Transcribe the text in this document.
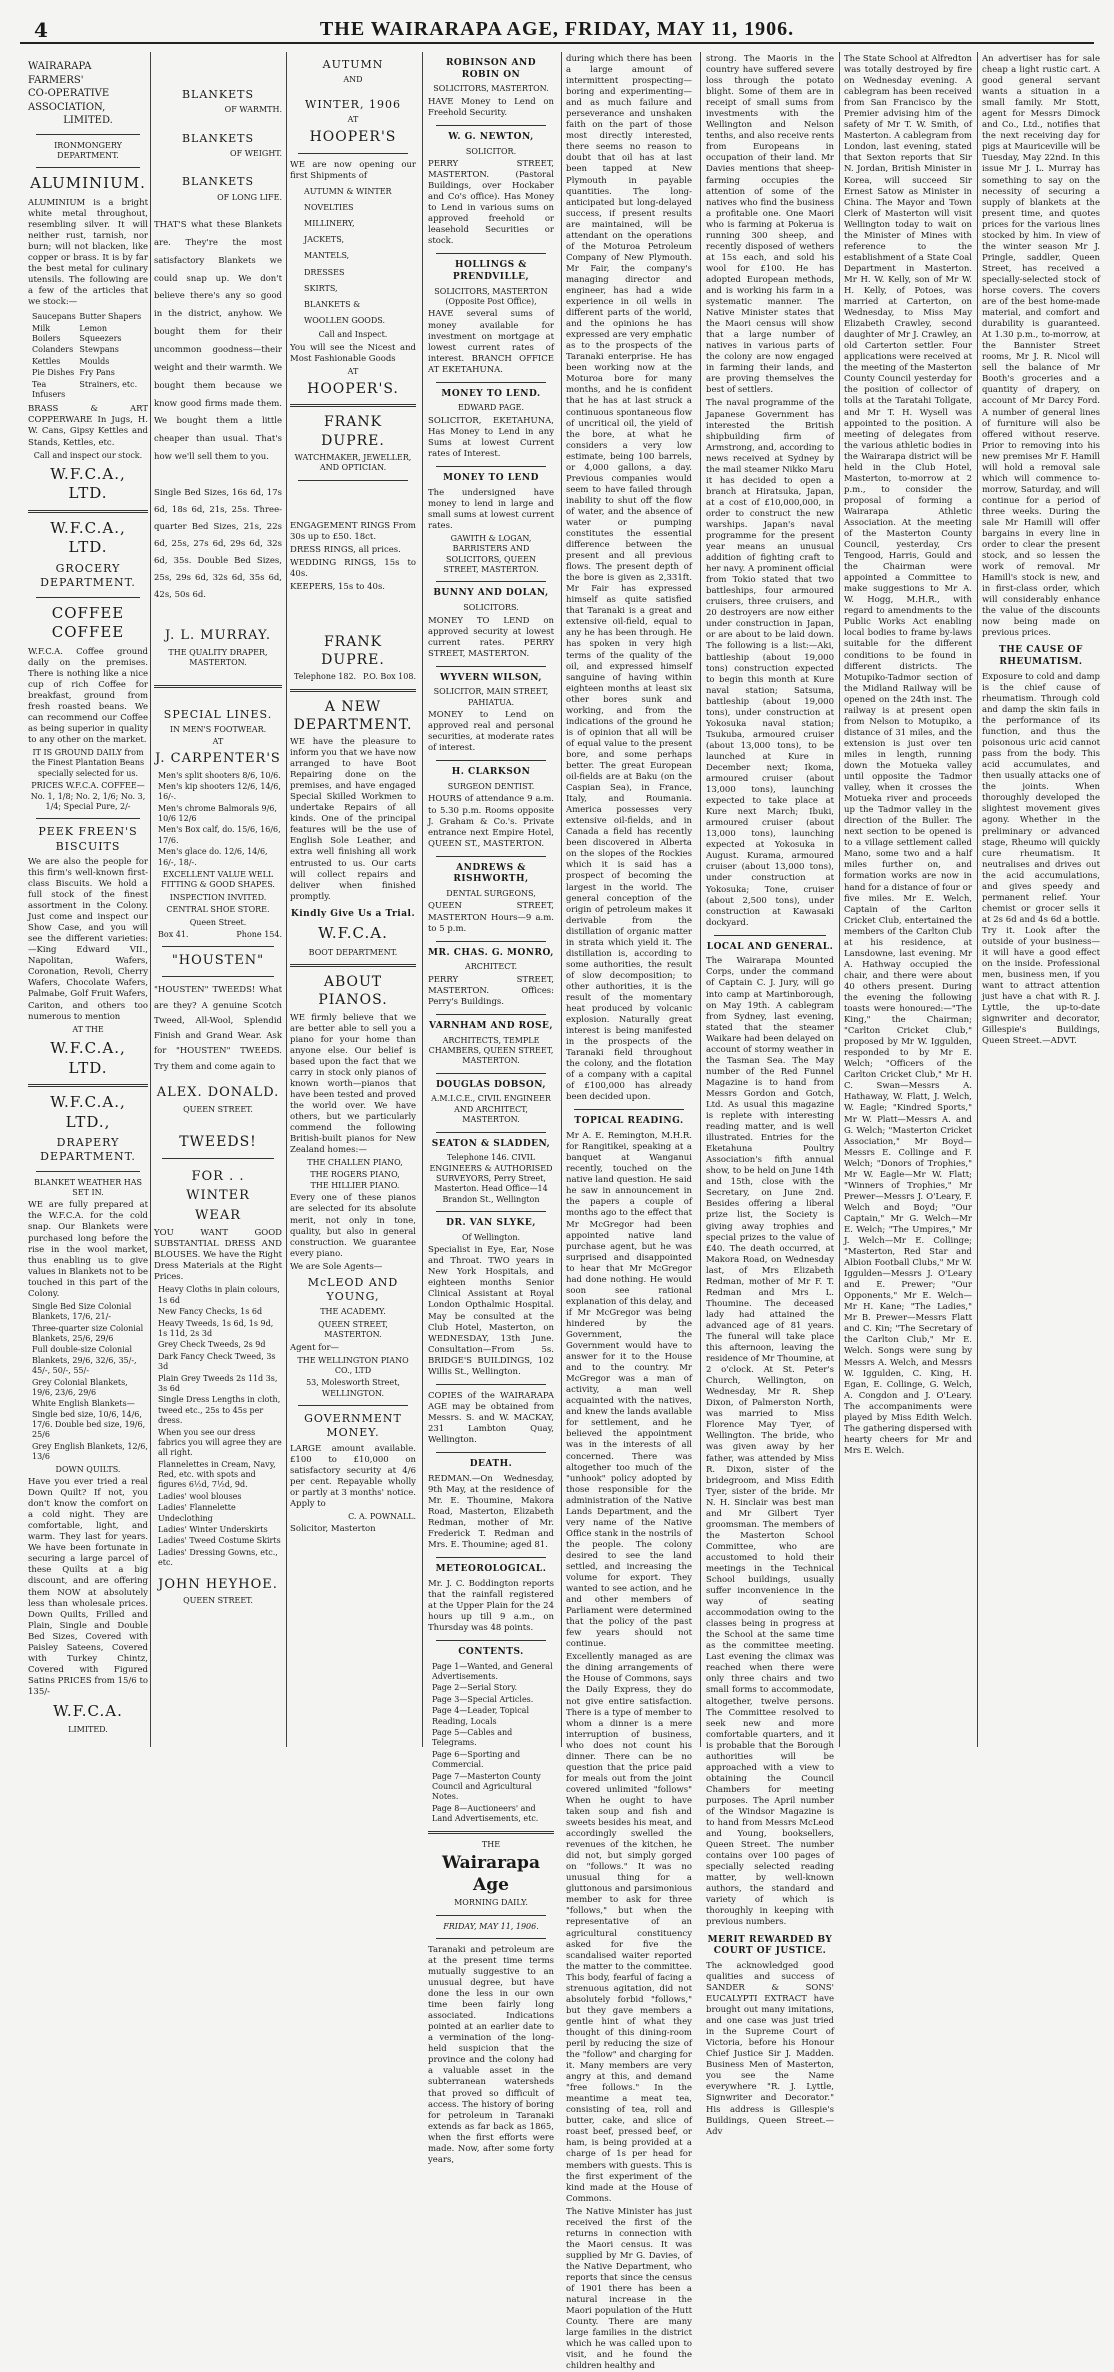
4	THE WAIRARAPA AGE, FRIDAY, MAY 11, 1906.
WAIRARAPA
FARMERS'
CO-OPERATIVE
ASSOCIATION,
LIMITED.
IRONMONGERY DEPARTMENT.
ALUMINIUM.
ALUMINIUM is a bright white metal throughout, resembling silver. It will neither rust, tarnish, nor burn; will not blacken, like copper or brass. It is by far the best metal for culinary utensils. The following are a few of the articles that we stock:—
Saucepans
Milk Boilers
Colanders
Kettles
Pie Dishes
Tea Infusers
Butter Shapers
Lemon Squeezers
Stewpans
Moulds
Fry Pans
Strainers, etc.
BRASS & ART COPPERWARE In Jugs, H. W. Cans, Gipsy Kettles and Stands, Kettles, etc.
Call and inspect our stock.
W.F.C.A., LTD.
W.F.C.A., LTD.
GROCERY DEPARTMENT.
COFFEE COFFEE
W.F.C.A. Coffee ground daily on the premises. There is nothing like a nice cup of rich Coffee for breakfast, ground from fresh roasted beans. We can recommend our Coffee as being superior in quality to any other on the market.
IT IS GROUND DAILY from the Finest Plantation Beans specially selected for us.
PRICES W.F.C.A. COFFEE— No. 1, 1/8; No. 2, 1/6; No. 3, 1/4; Special Pure, 2/-
PEEK FREEN'S BISCUITS
We are also the people for this firm's well-known first-class Biscuits. We hold a full stock of the finest assortment in the Colony. Just come and inspect our Show Case, and you will see the different varieties:—King Edward VII., Napolitan, Wafers, Coronation, Revoli, Cherry Wafers, Chocolate Wafers, Palmabe, Golf Fruit Wafers, Cariton, and others too numerous to mention
AT THE
W.F.C.A., LTD.
W.F.C.A., LTD.,
DRAPERY DEPARTMENT.
BLANKET WEATHER HAS SET IN.
WE are fully prepared at the W.F.C.A. for the cold snap. Our Blankets were purchased long before the rise in the wool market, thus enabling us to give values in Blankets not to be touched in this part of the Colony.
Single Bed Size Colonial Blankets, 17/6, 21/-
Three-quarter size Colonial Blankets, 25/6, 29/6
Full double-size Colonial Blankets, 29/6, 32/6, 35/-, 45/-, 50/-, 55/-
Grey Colonial Blankets, 19/6, 23/6, 29/6
White English Blankets— Single bed size, 10/6, 14/6, 17/6. Double bed size, 19/6, 25/6
Grey English Blankets, 12/6, 13/6
DOWN QUILTS.
Have you ever tried a real Down Quilt? If not, you don't know the comfort on a cold night. They are comfortable, light, and warm. They last for years. We have been fortunate in securing a large parcel of these Quilts at a big discount, and are offering them NOW at absolutely less than wholesale prices. Down Quilts, Frilled and Plain, Single and Double Bed Sizes, Covered with Paisley Sateens, Covered with Turkey Chintz, Covered with Figured Satins PRICES from 15/6 to 135/-
W.F.C.A.
LIMITED.
BLANKETS
OF WARMTH.
BLANKETS
OF WEIGHT.
BLANKETS
OF LONG LIFE.
THAT'S what these Blankets are. They're the most satisfactory Blankets we could snap up. We don't believe there's any so good in the district, anyhow. We bought them for their uncommon goodness—their weight and their warmth. We bought them because we know good firms made them. We bought them a little cheaper than usual. That's how we'll sell them to you.
Single Bed Sizes, 16s 6d, 17s 6d, 18s 6d, 21s, 25s. Three-quarter Bed Sizes, 21s, 22s 6d, 25s, 27s 6d, 29s 6d, 32s 6d, 35s. Double Bed Sizes, 25s, 29s 6d, 32s 6d, 35s 6d, 42s, 50s 6d.
J. L. MURRAY.
THE QUALITY DRAPER, MASTERTON.
SPECIAL LINES.
IN MEN'S FOOTWEAR.
AT
J. CARPENTER'S
Men's split shooters 8/6, 10/6.
Men's kip shooters 12/6, 14/6, 16/-.
Men's chrome Balmorals 9/6, 10/6 12/6
Men's Box calf, do. 15/6, 16/6, 17/6.
Men's glace do. 12/6, 14/6, 16/-, 18/-.
EXCELLENT VALUE WELL FITTING & GOOD SHAPES.
INSPECTION INVITED.
CENTRAL SHOE STORE.
Queen Street.
Box 41.	Phone 154.
"HOUSTEN"
"HOUSTEN" TWEEDS! What are they? A genuine Scotch Tweed, All-Wool, Splendid Finish and Grand Wear. Ask for "HOUSTEN" TWEEDS. Try them and come again to
ALEX. DONALD.
QUEEN STREET.
TWEEDS!
FOR . .
WINTER
WEAR
YOU WANT GOOD SUBSTANTIAL DRESS AND BLOUSES. We have the Right Dress Materials at the Right Prices.
Heavy Cloths in plain colours, 1s 6d
New Fancy Checks, 1s 6d
Heavy Tweeds, 1s 6d, 1s 9d, 1s 11d, 2s 3d
Grey Check Tweeds, 2s 9d
Dark Fancy Check Tweed, 3s 3d
Plain Grey Tweeds 2s 11d 3s, 3s 6d
Single Dress Lengths in cloth, tweed etc., 25s to 45s per dress.
When you see our dress fabrics you will agree they are all right.
Flannelettes in Cream, Navy, Red, etc. with spots and figures 6½d, 7½d, 9d.
Ladies' wool blouses
Ladies' Flannelette Undeclothing
Ladies' Winter Underskirts
Ladies' Tweed Costume Skirts
Ladies' Dressing Gowns, etc., etc.
JOHN HEYHOE.
QUEEN STREET.
AUTUMN
AND
WINTER, 1906
AT
HOOPER'S
WE are now opening our first Shipments of
AUTUMN & WINTER
NOVELTIES
MILLINERY,
JACKETS,
MANTELS,
DRESSES
SKIRTS,
BLANKETS &
WOOLLEN GOODS.
Call and Inspect.
You will see the Nicest and Most Fashionable Goods
AT
HOOPER'S.
FRANK DUPRE.
WATCHMAKER, JEWELLER, AND OPTICIAN.
ENGAGEMENT RINGS From 30s up to £50. 18ct.
DRESS RINGS, all prices.
WEDDING RINGS, 15s to 40s.
KEEPERS, 15s to 40s.
FRANK DUPRE.
Telephone 182. P.O. Box 108.
A NEW DEPARTMENT.
WE have the pleasure to inform you that we have now arranged to have Boot Repairing done on the premises, and have engaged Special Skilled Workmen to undertake Repairs of all kinds. One of the principal features will be the use of English Sole Leather, and extra well finishing all work entrusted to us. Our carts will collect repairs and deliver when finished promptly.
Kindly Give Us a Trial.
W.F.C.A.
BOOT DEPARTMENT.
ABOUT PIANOS.
WE firmly believe that we are better able to sell you a piano for your home than anyone else. Our belief is based upon the fact that we carry in stock only pianos of known worth—pianos that have been tested and proved the world over. We have others, but we particularly commend the following British-built pianos for New Zealand homes:—
THE CHALLEN PIANO,
THE ROGERS PIANO,
THE HILLIER PIANO.
Every one of these pianos are selected for its absolute merit, not only in tone, quality, but also in general construction. We guarantee every piano.
We are Sole Agents—
McLEOD AND YOUNG,
THE ACADEMY.
QUEEN STREET, MASTERTON.
Agent for—
THE WELLINGTON PIANO CO., LTD
53, Molesworth Street, WELLINGTON.
GOVERNMENT MONEY.
LARGE amount available. £100 to £10,000 on satisfactory security at 4/6 per cent. Repayable wholly or partly at 3 months' notice. Apply to
C. A. POWNALL.
Solicitor, Masterton
ROBINSON AND ROBIN ON
SOLICITORS, MASTERTON.
HAVE Money to Lend on Freehold Security.
W. G. NEWTON,
SOLICITOR.
PERRY STREET, MASTERTON. (Pastoral Buildings, over Hockaber and Co's office). Has Money to Lend in various sums on approved freehold or leasehold Securities or stock.
HOLLINGS & PRENDVILLE,
SOLICITORS, MASTERTON (Opposite Post Office),
HAVE several sums of money available for investment on mortgage at lowest current rates of interest. BRANCH OFFICE AT EKETAHUNA.
MONEY TO LEND.
EDWARD PAGE.
SOLICITOR, EKETAHUNA, Has Money to Lend in any Sums at lowest Current rates of Interest.
MONEY TO LEND
The undersigned have money to lend in large and small sums at lowest current rates.
GAWITH & LOGAN, BARRISTERS AND SOLICITORS, QUEEN STREET, MASTERTON.
BUNNY AND DOLAN,
SOLICITORS.
MONEY TO LEND on approved security at lowest current rates. PERRY STREET, MASTERTON.
WYVERN WILSON,
SOLICITOR, MAIN STREET, PAHIATUA.
MONEY to Lend on approved real and personal securities, at moderate rates of interest.
H. CLARKSON
SURGEON DENTIST.
HOURS of attendance 9 a.m. to 5.30 p.m. Rooms opposite J. Graham & Co.'s. Private entrance next Empire Hotel, QUEEN ST., MASTERTON.
ANDREWS & RISHWORTH,
DENTAL SURGEONS,
QUEEN STREET, MASTERTON Hours—9 a.m. to 5 p.m.
MR. CHAS. G. MONRO,
ARCHITECT.
PERRY STREET, MASTERTON. Offices: Perry's Buildings.
VARNHAM AND ROSE,
ARCHITECTS, TEMPLE CHAMBERS, QUEEN STREET, MASTERTON.
DOUGLAS DOBSON,
A.M.I.C.E., CIVIL ENGINEER AND ARCHITECT, MASTERTON.
SEATON & SLADDEN,
Telephone 146. CIVIL ENGINEERS & AUTHORISED SURVEYORS, Perry Street, Masterton. Head Office—14 Brandon St., Wellington
DR. VAN SLYKE,
Of Wellington.
Specialist in Eye, Ear, Nose and Throat. TWO years in New York Hospitals, and eighteen months Senior Clinical Assistant at Royal London Opthalmic Hospital. May be consulted at the Club Hotel, Masterton, on WEDNESDAY, 13th June. Consultation—From 5s. BRIDGE'S BUILDINGS, 102 Willis St., Wellington.
COPIES of the WAIRARAPA AGE may be obtained from Messrs. S. and W. MACKAY, 231 Lambton Quay, Wellington.
DEATH.
REDMAN.—On Wednesday, 9th May, at the residence of Mr. E. Thoumine, Makora Road, Masterton, Elizabeth Redman, mother of Mr. Frederick T. Redman and Mrs. E. Thoumine; aged 81.
METEOROLOGICAL.
Mr. J. C. Boddington reports that the rainfall registered at the Upper Plain for the 24 hours up till 9 a.m., on Thursday was 48 points.
CONTENTS.
Page 1—Wanted, and General Advertisements.
Page 2—Serial Story.
Page 3—Special Articles.
Page 4—Leader, Topical Reading, Locals
Page 5—Cables and Telegrams.
Page 6—Sporting and Commercial.
Page 7—Masterton County Council and Agricultural Notes.
Page 8—Auctioneers' and Land Advertisements, etc.
THE
Wairarapa Age
MORNING DAILY.
FRIDAY, MAY 11, 1906.
Taranaki and petroleum are at the present time terms mutually suggestive to an unusual degree, but have done the less in our own time been fairly long associated. Indications pointed at an earlier date to a vermination of the long-held suspicion that the province and the colony had a valuable asset in the subterranean watersheds that proved so difficult of access. The history of boring for petroleum in Taranaki extends as far back as 1865, when the first efforts were made. Now, after some forty years,
during which there has been a large amount of intermittent prospecting—boring and experimenting—and as much failure and perseverance and unshaken faith on the part of those most directly interested, there seems no reason to doubt that oil has at last been tapped at New Plymouth in payable quantities. The long-anticipated but long-delayed success, if present results are maintained, will be attendant on the operations of the Moturoa Petroleum Company of New Plymouth. Mr Fair, the company's managing director and engineer, has had a wide experience in oil wells in different parts of the world, and the opinions he has expressed are very emphatic as to the prospects of the Taranaki enterprise. He has been working now at the Moturoa bore for many months, and he is confident that he has at last struck a continuous spontaneous flow of uncritical oil, the yield of the bore, at what he considers a very low estimate, being 100 barrels, or 4,000 gallons, a day. Previous companies would seem to have failed through inability to shut off the flow of water, and the absence of water or pumping constitutes the essential difference between the present and all previous flows. The present depth of the bore is given as 2,331ft. Mr Fair has expressed himself as quite satisfied that Taranaki is a great and extensive oil-field, equal to any he has been through. He has spoken in very high terms of the quality of the oil, and expressed himself sanguine of having within eighteen months at least six other bores sunk and working, and from the indications of the ground he is of opinion that all will be of equal value to the present bore, and some perhaps better. The great European oil-fields are at Baku (on the Caspian Sea), in France, Italy, and Roumania. America possesses very extensive oil-fields, and in Canada a field has recently been discovered in Alberta on the slopes of the Rockies which it is said has a prospect of becoming the largest in the world. The general conception of the origin of petroleum makes it derivable from the distillation of organic matter in strata which yield it. The distillation is, according to some authorities, the result of slow decomposition; to other authorities, it is the result of the momentary heat produced by volcanic explosion. Naturally great interest is being manifested in the prospects of the Taranaki field throughout the colony, and the flotation of a company with a capital of £100,000 has already been decided upon.
TOPICAL READING.
Mr A. E. Remington, M.H.R. for Rangitikei, speaking at a banquet at Wanganui recently, touched on the native land question. He said he saw in announcement in the papers a couple of months ago to the effect that Mr McGregor had been appointed native land purchase agent, but he was surprised and disappointed to hear that Mr McGregor had done nothing. He would soon see rational explanation of this delay, and if Mr McGregor was being hindered by the Government, the Government would have to answer for it to the House and to the country. Mr McGregor was a man of activity, a man well acquainted with the natives, and knew the lands available for settlement, and he believed the appointment was in the interests of all concerned. There was altogether too much of the "unhook" policy adopted by those responsible for the administration of the Native Lands Department, and the very name of the Native Office stank in the nostrils of the people. The colony desired to see the land settled, and increasing the volume for export. They wanted to see action, and he and other members of Parliament were determined that the policy of the past few years should not continue.
Excellently managed as are the dining arrangements of the House of Commons, says the Daily Express, they do not give entire satisfaction. There is a type of member to whom a dinner is a mere interruption of business, who does not count his dinner. There can be no question that the price paid for meals out from the joint covered unlimited "follows" When he ought to have taken soup and fish and sweets besides his meat, and accordingly swelled the revenues of the kitchen, he did not, but simply gorged on "follows." It was no unusual thing for a gluttonous and parsimonious member to ask for three "follows," but when the representative of an agricultural constituency asked for five the scandalised waiter reported the matter to the committee. This body, fearful of facing a strenuous agitation, did not absolutely forbid "follows," but they gave members a gentle hint of what they thought of this dining-room peril by reducing the size of the "follow" and charging for it. Many members are very angry at this, and demand "free follows." In the meantime a meat tea, consisting of tea, roll and butter, cake, and slice of roast beef, pressed beef, or ham, is being provided at a charge of 1s per head for members with guests. This is the first experiment of the kind made at the House of Commons.
The Native Minister has just received the first of the returns in connection with the Maori census. It was supplied by Mr G. Davies, of the Native Department, who reports that since the census of 1901 there has been a natural increase in the Maori population of the Hutt County. There are many large families in the district which he was called upon to visit, and he found the children healthy and
strong. The Maoris in the country have suffered severe loss through the potato blight. Some of them are in receipt of small sums from investments with the Wellington and Nelson tenths, and also receive rents from Europeans in occupation of their land. Mr Davies mentions that sheep-farming occupies the attention of some of the natives who find the business a profitable one. One Maori who is farming at Pokerua is running 300 sheep, and recently disposed of wethers at 15s each, and sold his wool for £100. He has adopted European methods, and is working his farm in a systematic manner. The Native Minister states that the Maori census will show that a large number of natives in various parts of the colony are now engaged in farming their lands, and are proving themselves the best of settlers.
The naval programme of the Japanese Government has interested the British shipbuilding firm of Armstrong, and, according to news received at Sydney by the mail steamer Nikko Maru it has decided to open a branch at Hiratsuka, Japan, at a cost of £10,000,000, in order to construct the new warships. Japan's naval programme for the present year means an unusual addition of fighting craft to her navy. A prominent official from Tokio stated that two battleships, four armoured cruisers, three cruisers, and 20 destroyers are now either under construction in Japan, or are about to be laid down. The following is a list:—Aki, battleship (about 19,000 tons) construction expected to begin this month at Kure naval station; Satsuma, battleship (about 19,000 tons), under construction at Yokosuka naval station; Tsukuba, armoured cruiser (about 13,000 tons), to be launched at Kure in December next; Ikoma, armoured cruiser (about 13,000 tons), launching expected to take place at Kure next March; Ibuki, armoured cruiser (about 13,000 tons), launching expected at Yokosuka in August. Kurama, armoured cruiser (about 13,000 tons), under construction at Yokosuka; Tone, cruiser (about 2,500 tons), under construction at Kawasaki dockyard.
LOCAL AND GENERAL.
The Wairarapa Mounted Corps, under the command of Captain C. J. Jury, will go into camp at Martinborough, on May 19th. A cablegram from Sydney, last evening, stated that the steamer Waikare had been delayed on account of stormy weather in the Tasman Sea. The May number of the Red Funnel Magazine is to hand from Messrs Gordon and Gotch, Ltd. As usual this magazine is replete with interesting reading matter, and is well illustrated. Entries for the Eketahuna Poultry Association's fifth annual show, to be held on June 14th and 15th, close with the Secretary, on June 2nd. Besides offering a liberal prize list, the Society is giving away trophies and special prizes to the value of £40. The death occurred, at Makora Road, on Wednesday last, of Mrs Elizabeth Redman, mother of Mr F. T. Redman and Mrs L. Thoumine. The deceased lady had attained the advanced age of 81 years. The funeral will take place this afternoon, leaving the residence of Mr Thoumine, at 2 o'clock. At St. Peter's Church, Wellington, on Wednesday, Mr R. Shep Dixon, of Palmerston North, was married to Miss Florence May Tyer, of Wellington. The bride, who was given away by her father, was attended by Miss R. Dixon, sister of the bridegroom, and Miss Edith Tyer, sister of the bride. Mr N. H. Sinclair was best man and Mr Gilbert Tyer groomsman. The members of the Masterton School Committee, who are accustomed to hold their meetings in the Technical School buildings, usually suffer inconvenience in the way of seating accommodation owing to the classes being in progress at the School at the same time as the committee meeting. Last evening the climax was reached when there were only three chairs and two small forms to accommodate, altogether, twelve persons. The Committee resolved to seek new and more comfortable quarters, and it is probable that the Borough authorities will be approached with a view to obtaining the Council Chambers for meeting purposes. The April number of the Windsor Magazine is to hand from Messrs McLeod and Young, booksellers, Queen Street. The number contains over 100 pages of specially selected reading matter, by well-known authors, the standard and variety of which is thoroughly in keeping with previous numbers.
MERIT REWARDED BY COURT OF JUSTICE.
The acknowledged good qualities and success of SANDER & SONS' EUCALYPTI EXTRACT have brought out many imitations, and one case was just tried in the Supreme Court of Victoria, before his Honour Chief Justice Sir J. Madden. Business Men of Masterton, you see the Name everywhere "R. J. Lyttle, Signwriter and Decorator." His address is Gillespie's Buildings, Queen Street.—Adv
The State School at Alfredton was totally destroyed by fire on Wednesday evening. A cablegram has been received from San Francisco by the Premier advising him of the safety of Mr T. W. Smith, of Masterton. A cablegram from London, last evening, stated that Sexton reports that Sir N. Jordan, British Minister in Korea, will succeed Sir Ernest Satow as Minister in China. The Mayor and Town Clerk of Masterton will visit Wellington today to wait on the Minister of Mines with reference to the establishment of a State Coal Department in Masterton. Mr H. W. Kelly, son of Mr W. H. Kelly, of Potoes, was married at Carterton, on Wednesday, to Miss May Elizabeth Crawley, second daughter of Mr J. Crawley, an old Carterton settler. Four applications were received at the meeting of the Masterton County Council yesterday for the position of collector of tolls at the Taratahi Tollgate, and Mr T. H. Wysell was appointed to the position. A meeting of delegates from the various athletic bodies in the Wairarapa district will be held in the Club Hotel, Masterton, to-morrow at 2 p.m., to consider the proposal of forming a Wairarapa Athletic Association. At the meeting of the Masterton County Council, yesterday, Crs Tengood, Harris, Gould and the Chairman were appointed a Committee to make suggestions to Mr A. W. Hogg, M.H.R., with regard to amendments to the Public Works Act enabling local bodies to frame by-laws suitable for the different conditions to be found in different districts. The Motupiko-Tadmor section of the Midland Railway will be opened on the 24th inst. The railway is at present open from Nelson to Motupiko, a distance of 31 miles, and the extension is just over ten miles in length, running down the Motueka valley until opposite the Tadmor valley, when it crosses the Motueka river and proceeds up the Tadmor valley in the direction of the Buller. The next section to be opened is to a village settlement called Mano, some two and a half miles further on, and formation works are now in hand for a distance of four or five miles. Mr E. Welch, Captain of the Carlton Cricket Club, entertained the members of the Carlton Club at his residence, at Lansdowne, last evening. Mr A. Hathway occupied the chair, and there were about 40 others present. During the evening the following toasts were honoured:—"The King," the Chairman; "Carlton Cricket Club," proposed by Mr W. Iggulden, responded to by Mr E. Welch; "Officers of the Carlton Cricket Club," Mr H. C. Swan—Messrs A. Hathaway, W. Flatt, J. Welch, W. Eagle; "Kindred Sports," Mr W. Platt—Messrs A. and G. Welch; "Masterton Cricket Association," Mr Boyd—Messrs E. Collinge and F. Welch; "Donors of Trophies," Mr W. Eagle—Mr W. Flatt; "Winners of Trophies," Mr Prewer—Messrs J. O'Leary, F. Welch and Boyd; "Our Captain," Mr G. Welch—Mr E. Welch; "The Umpires," Mr J. Welch—Mr E. Collinge; "Masterton, Red Star and Albion Football Clubs," Mr W. Iggulden—Messrs J. O'Leary and E. Prewer; "Our Opponents," Mr E. Welch—Mr H. Kane; "The Ladies," Mr B. Prewer—Messrs Flatt and C. Kin; "The Secretary of the Carlton Club," Mr E. Welch. Songs were sung by Messrs A. Welch, and Messrs W. Iggulden, C. King, H. Egan, E. Collinge, G. Welch, A. Congdon and J. O'Leary. The accompaniments were played by Miss Edith Welch. The gathering dispersed with hearty cheers for Mr and Mrs E. Welch.
An advertiser has for sale cheap a light rustic cart. A good general servant wants a situation in a small family. Mr Stott, agent for Messrs Dimock and Co., Ltd., notifies that the next receiving day for pigs at Mauriceville will be Tuesday, May 22nd. In this issue Mr J. L. Murray has something to say on the necessity of securing a supply of blankets at the present time, and quotes prices for the various lines stocked by him. In view of the winter season Mr J. Pringle, saddler, Queen Street, has received a specially-selected stock of horse covers. The covers are of the best home-made material, and comfort and durability is guaranteed. At 1.30 p.m., to-morrow, at the Bannister Street rooms, Mr J. R. Nicol will sell the balance of Mr Booth's groceries and a quantity of drapery, on account of Mr Darcy Ford. A number of general lines of furniture will also be offered without reserve. Prior to removing into his new premises Mr F. Hamill will hold a removal sale which will commence to-morrow, Saturday, and will continue for a period of three weeks. During the sale Mr Hamill will offer bargains in every line in order to clear the present stock, and so lessen the work of removal. Mr Hamill's stock is new, and in first-class order, which will considerably enhance the value of the discounts now being made on previous prices.
THE CAUSE OF RHEUMATISM.
Exposure to cold and damp is the chief cause of rheumatism. Through cold and damp the skin fails in the performance of its function, and thus the poisonous uric acid cannot pass from the body. This acid accumulates, and then usually attacks one of the joints. When thoroughly developed the slightest movement gives agony. Whether in the preliminary or advanced stage, Rheumo will quickly cure rheumatism. It neutralises and drives out the acid accumulations, and gives speedy and permanent relief. Your chemist or grocer sells it at 2s 6d and 4s 6d a bottle. Try it. Look after the outside of your business—it will have a good effect on the inside. Professional men, business men, if you want to attract attention just have a chat with R. J. Lyttle, the up-to-date signwriter and decorator, Gillespie's Buildings, Queen Street.—ADVT.
